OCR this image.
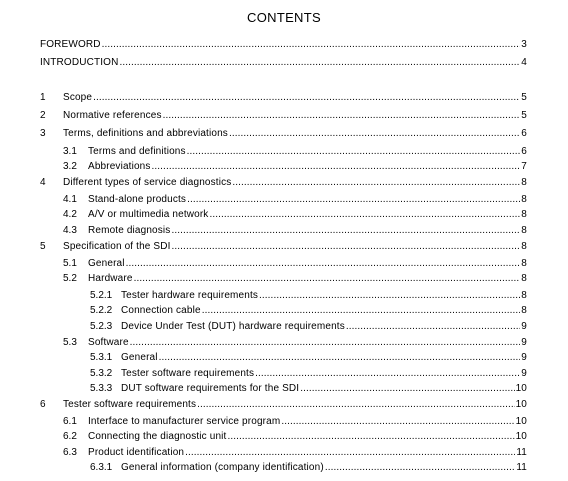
CONTENTS
FOREWORD .....	3
INTRODUCTION .....	4
1 Scope .....	5
2 Normative references .....	5
3 Terms, definitions and abbreviations .....	6
3.1 Terms and definitions .....	6
3.2 Abbreviations .....	7
4 Different types of service diagnostics .....	8
4.1 Stand-alone products .....	8
4.2 A/V or multimedia network .....	8
4.3 Remote diagnosis .....	8
5 Specification of the SDI .....	8
5.1 General .....	8
5.2 Hardware .....	8
5.2.1 Tester hardware requirements .....	8
5.2.2 Connection cable .....	8
5.2.3 Device Under Test (DUT) hardware requirements .....	9
5.3 Software .....	9
5.3.1 General .....	9
5.3.2 Tester software requirements .....	9
5.3.3 DUT software requirements for the SDI .....	10
6 Tester software requirements .....	10
6.1 Interface to manufacturer service program .....	10
6.2 Connecting the diagnostic unit .....	10
6.3 Product identification .....	11
6.3.1 General information (company identification) .....	11
